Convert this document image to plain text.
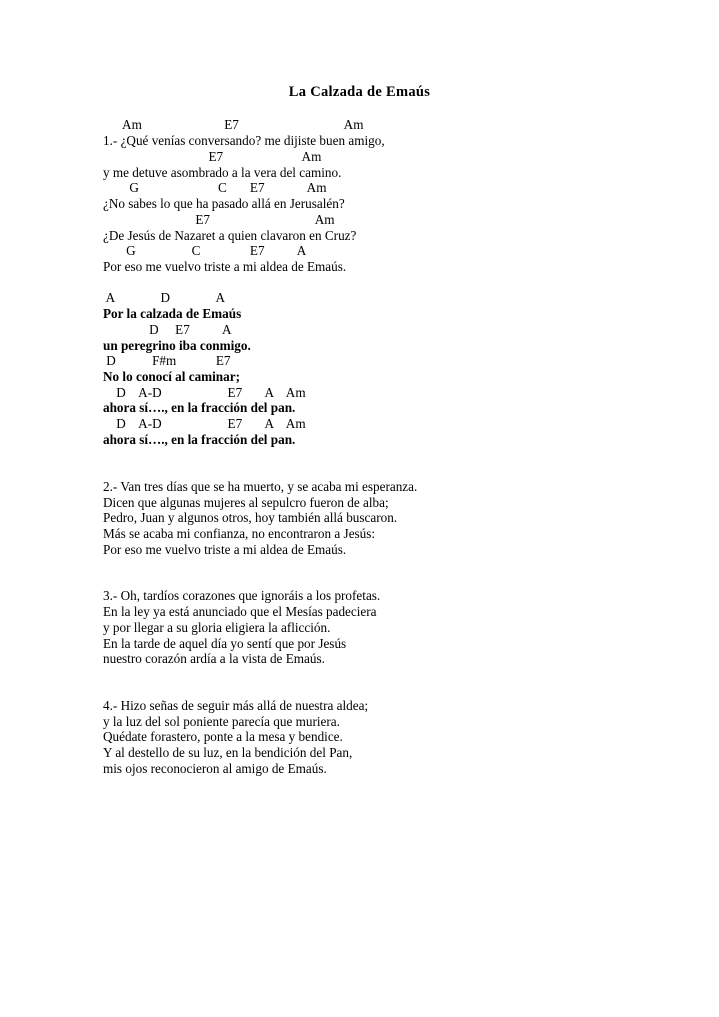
La Calzada de Emaús
Am                         E7                                Am
1.- ¿Qué venías conversando? me dijiste buen amigo,
E7                        Am
y me detuve asombrado a la vera del camino.
G                        C       E7             Am
¿No sabes lo que ha pasado allá en Jerusalén?
E7                                Am
¿De Jesús de Nazaret a quien clavaron en Cruz?
G                 C               E7          A
Por eso me vuelvo triste a mi aldea de Emaús.
A              D              A
Por la calzada de Emaús
D     E7          A
un peregrino iba conmigo.
D           F#m            E7
No lo conocí al caminar;
D    A-D                    E7       A    Am
ahora sí…., en la fracción del pan.
D    A-D                    E7       A    Am
ahora sí…., en la fracción del pan.
2.- Van tres días que se ha muerto, y se acaba mi esperanza.
Dicen que algunas mujeres al sepulcro fueron de alba;
Pedro, Juan y algunos otros, hoy también allá buscaron.
Más se acaba mi confianza, no encontraron a Jesús:
Por eso me vuelvo triste a mi aldea de Emaús.
3.- Oh, tardíos corazones que ignoráis a los profetas.
En la ley ya está anunciado que el Mesías padeciera
y por llegar a su gloria eligiera la aflicción.
En la tarde de aquel día yo sentí que por Jesús
nuestro corazón ardía a la vista de Emaús.
4.- Hizo señas de seguir más allá de nuestra aldea;
y la luz del sol poniente parecía que muriera.
Quédate forastero, ponte a la mesa y bendice.
Y al destello de su luz, en la bendición del Pan,
mis ojos reconocieron al amigo de Emaús.
